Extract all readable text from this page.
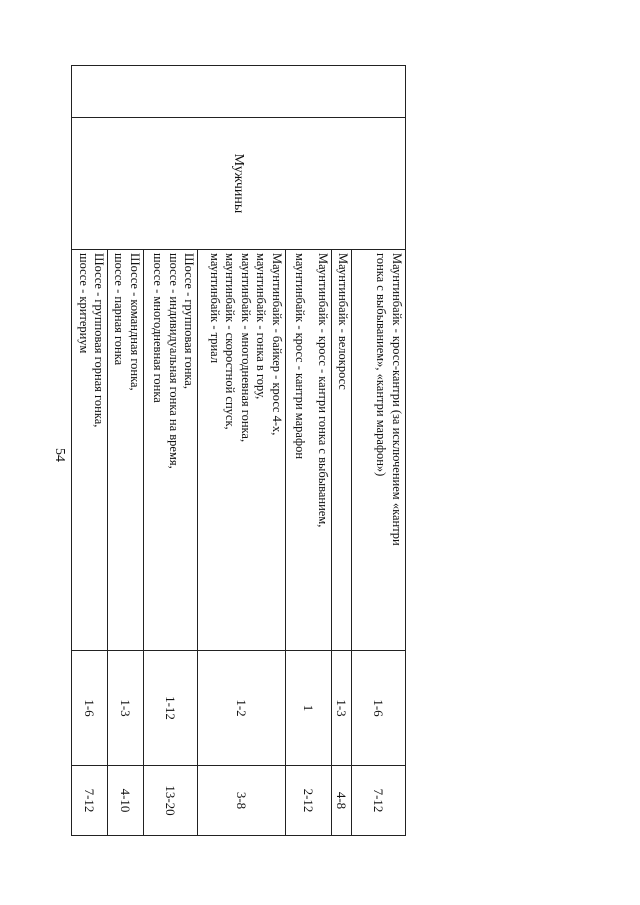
54
	Мужчины	Маунтинбайк - кросс-кантри (за исключением «кантри
гонка с выбыванием», «кантри марафон»)	1-6	7-12

		Маунтинбайк - велокросс	1-3	4-8

		Маунтинбайк - кросс - кантри гонка с выбыванием,
маунтинбайк - кросс - кантри марафон	1	2-12

		Маунтинбайк - байкер - кросс 4-х,
маунтинбайк - гонка в гору,
маунтинбайк - многодневная гонка,
маунтинбайк - скоростной спуск,
маунтинбайк - триал	1-2	3-8

		Шоссе - групповая гонка,
шоссе - индивидуальная гонка на время,
шоссе - многодневная гонка	1-12	13-20

		Шоссе - командная гонка,
шоссе - парная гонка	1-3	4-10

		Шоссе - групповая горная гонка,
шоссе - критериум	1-6	7-12
